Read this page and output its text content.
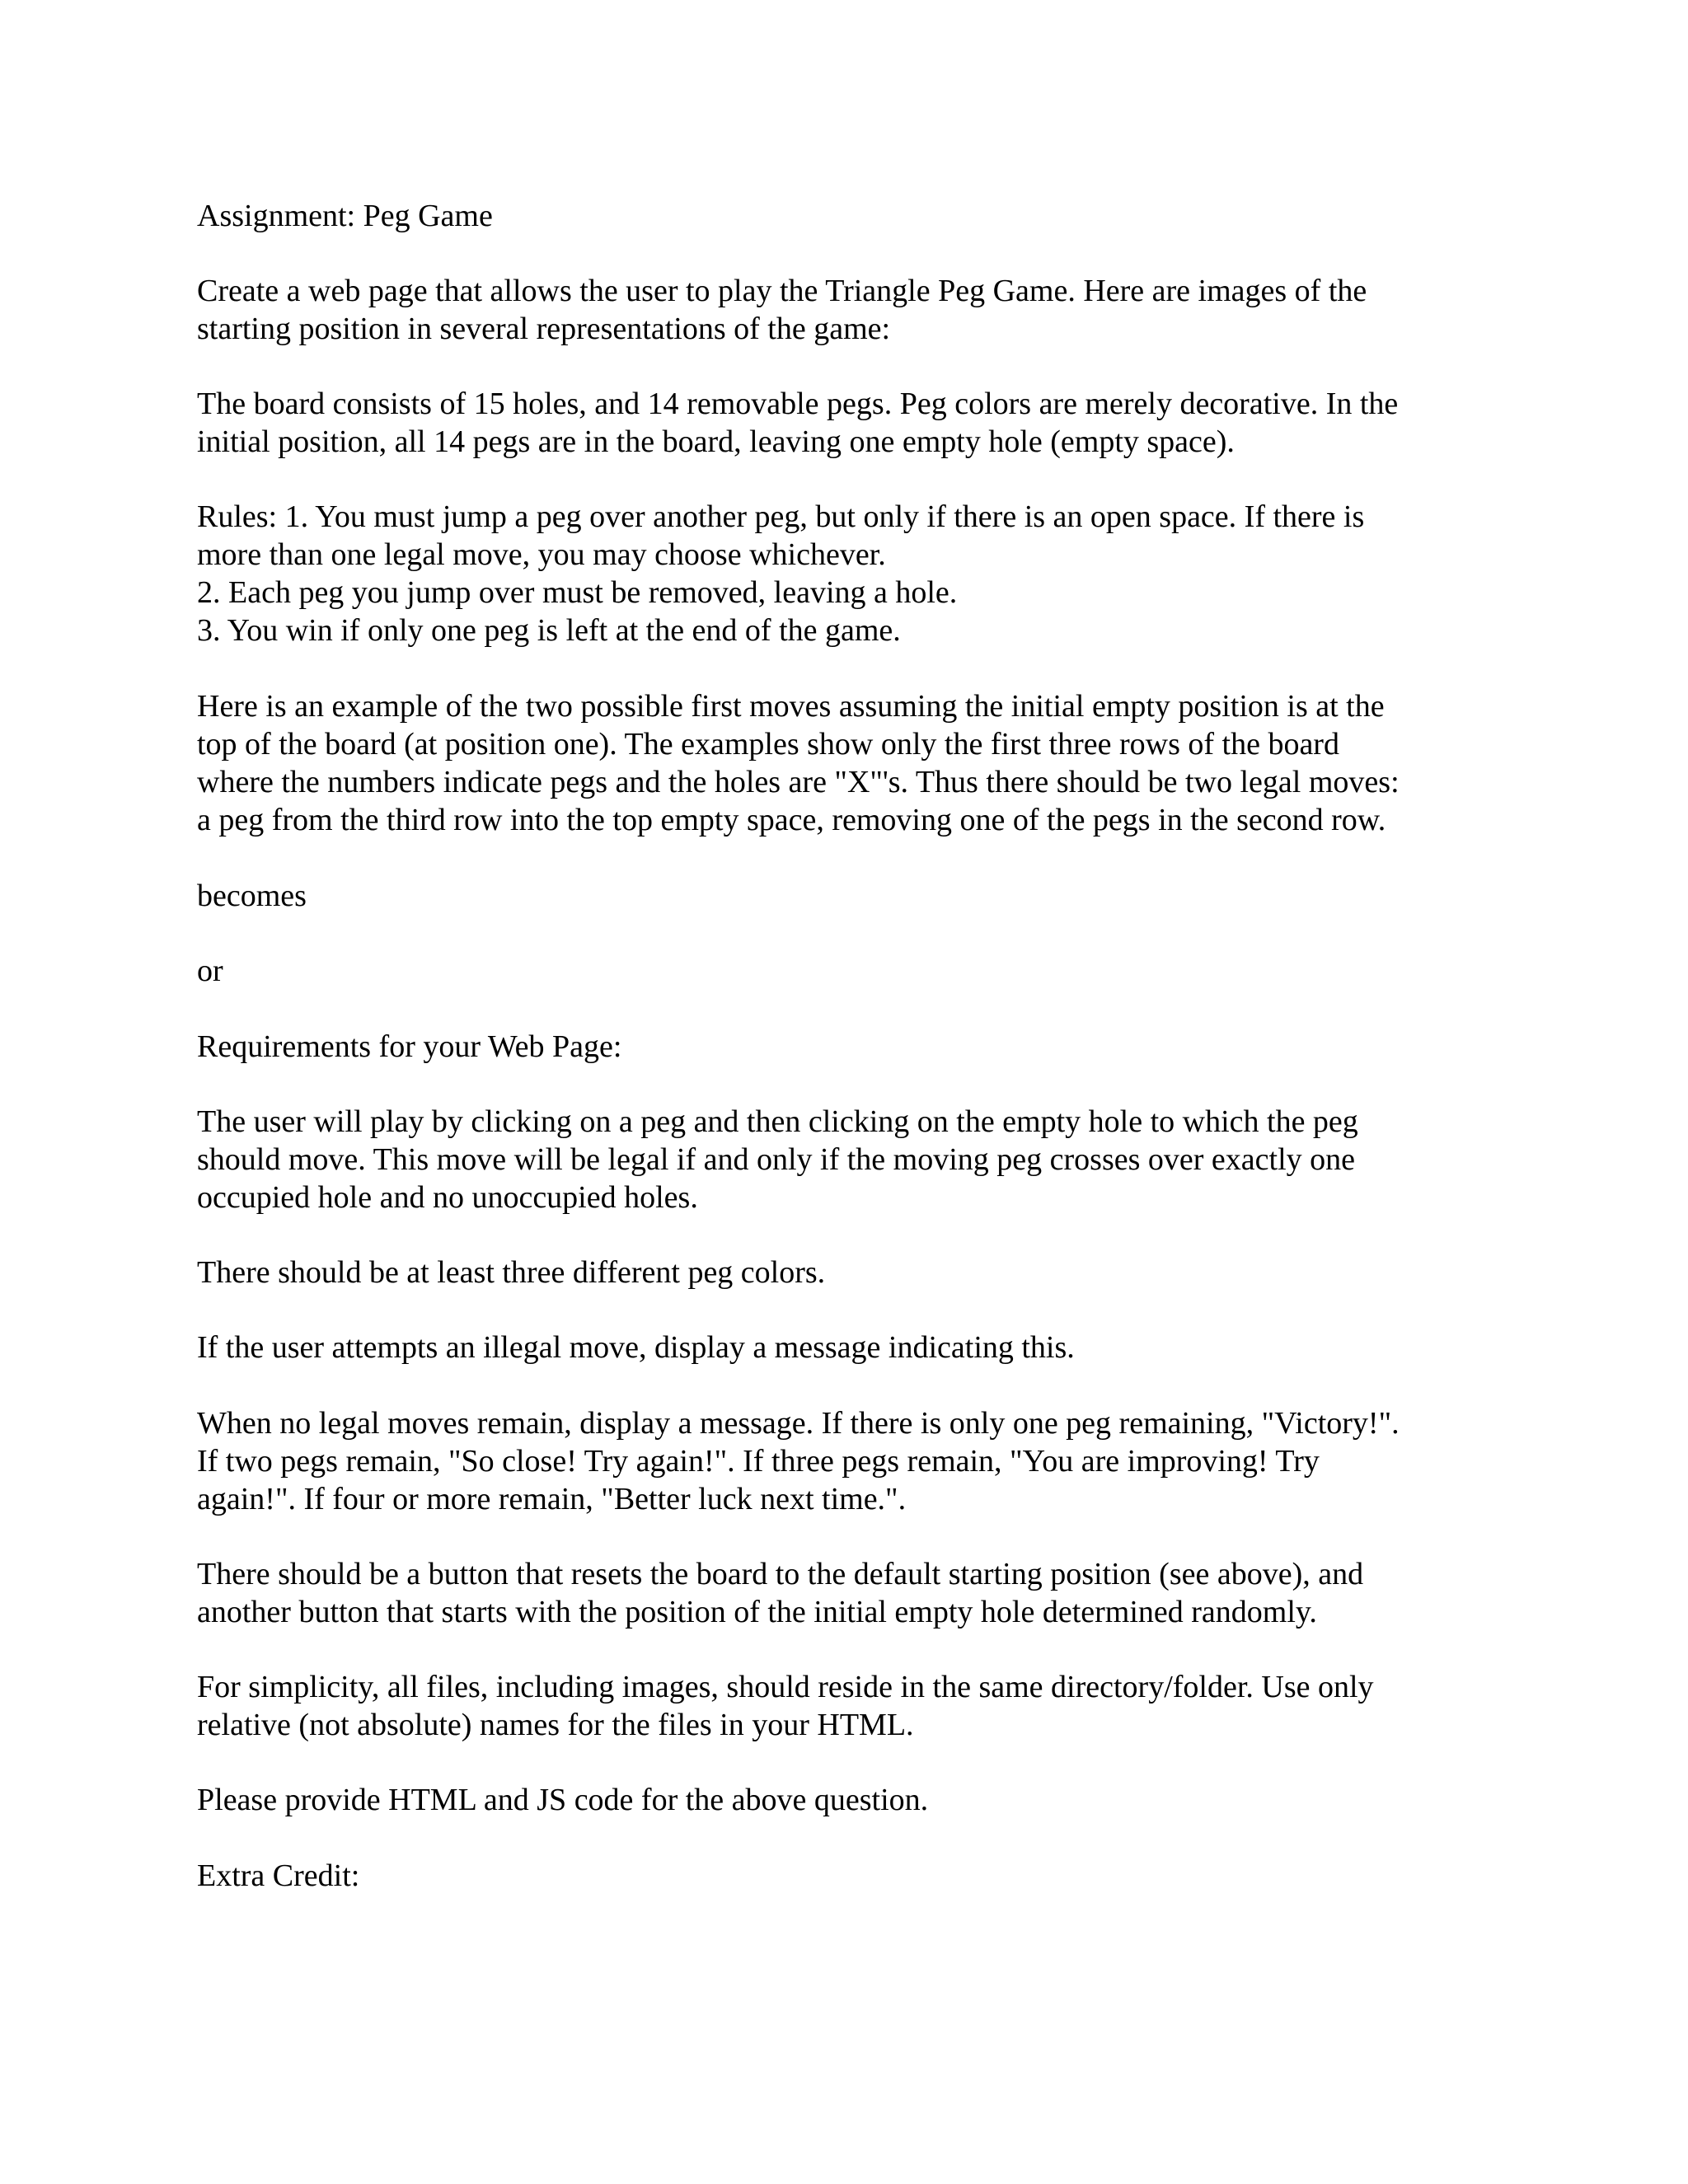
Assignment: Peg Game

Create a web page that allows the user to play the Triangle Peg Game. Here are images of the
starting position in several representations of the game:

The board consists of 15 holes, and 14 removable pegs. Peg colors are merely decorative. In the
initial position, all 14 pegs are in the board, leaving one empty hole (empty space).

Rules: 1. You must jump a peg over another peg, but only if there is an open space. If there is
more than one legal move, you may choose whichever.
2. Each peg you jump over must be removed, leaving a hole.
3. You win if only one peg is left at the end of the game.

Here is an example of the two possible first moves assuming the initial empty position is at the
top of the board (at position one). The examples show only the first three rows of the board
where the numbers indicate pegs and the holes are "X"'s. Thus there should be two legal moves:
a peg from the third row into the top empty space, removing one of the pegs in the second row.

becomes

or

Requirements for your Web Page:

The user will play by clicking on a peg and then clicking on the empty hole to which the peg
should move. This move will be legal if and only if the moving peg crosses over exactly one
occupied hole and no unoccupied holes.

There should be at least three different peg colors.

If the user attempts an illegal move, display a message indicating this.

When no legal moves remain, display a message. If there is only one peg remaining, "Victory!".
If two pegs remain, "So close! Try again!". If three pegs remain, "You are improving! Try
again!". If four or more remain, "Better luck next time.".

There should be a button that resets the board to the default starting position (see above), and
another button that starts with the position of the initial empty hole determined randomly.

For simplicity, all files, including images, should reside in the same directory/folder. Use only
relative (not absolute) names for the files in your HTML.

Please provide HTML and JS code for the above question.

Extra Credit:
